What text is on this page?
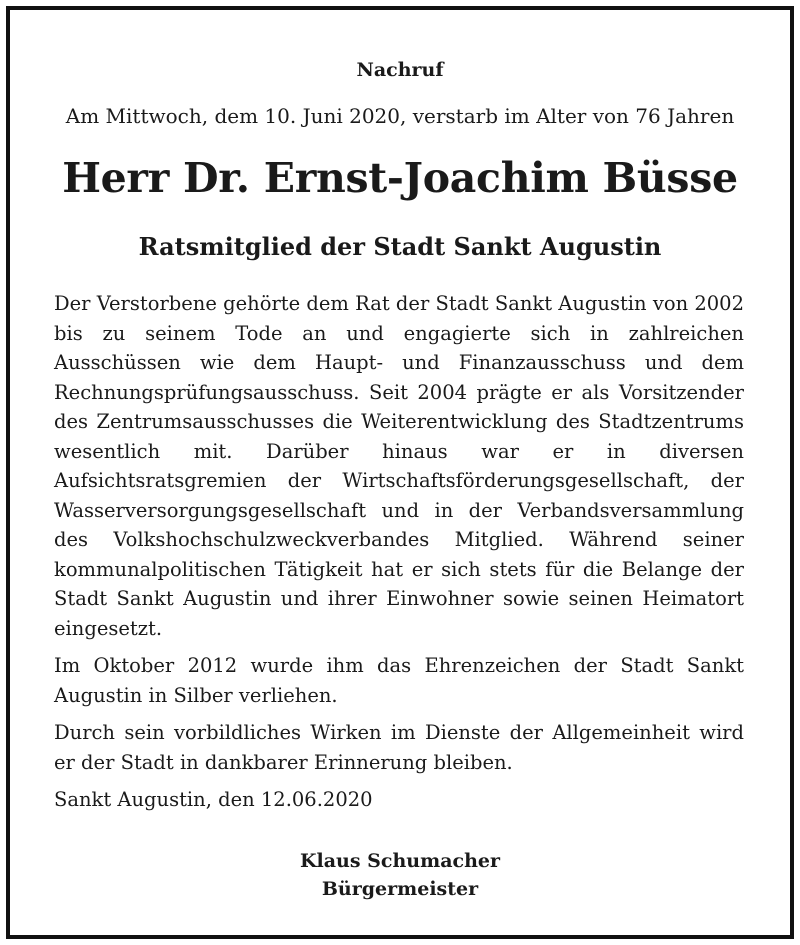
Nachruf
Am Mittwoch, dem 10. Juni 2020, verstarb im Alter von 76 Jahren
Herr Dr. Ernst-Joachim Büsse
Ratsmitglied der Stadt Sankt Augustin

Der Verstorbene gehörte dem Rat der Stadt Sankt Augustin von 2002 bis zu seinem Tode an und engagierte sich in zahlreichen Ausschüssen wie dem Haupt- und Finanzausschuss und dem Rechnungsprüfungsausschuss. Seit 2004 prägte er als Vorsitzender des Zentrumsausschusses die Weiterentwicklung des Stadtzentrums wesentlich mit. Darüber hinaus war er in diversen Aufsichtsratsgremien der Wirtschaftsförderungsgesellschaft, der Wasserversorgungsgesellschaft und in der Verbandsversammlung des Volkshochschulzweckverbandes Mitglied. Während seiner kommunalpolitischen Tätigkeit hat er sich stets für die Belange der Stadt Sankt Augustin und ihrer Einwohner sowie seinen Heimatort eingesetzt.

Im Oktober 2012 wurde ihm das Ehrenzeichen der Stadt Sankt Augustin in Silber verliehen.

Durch sein vorbildliches Wirken im Dienste der Allgemeinheit wird er der Stadt in dankbarer Erinnerung bleiben.

Sankt Augustin, den 12.06.2020

Klaus Schumacher
Bürgermeister
